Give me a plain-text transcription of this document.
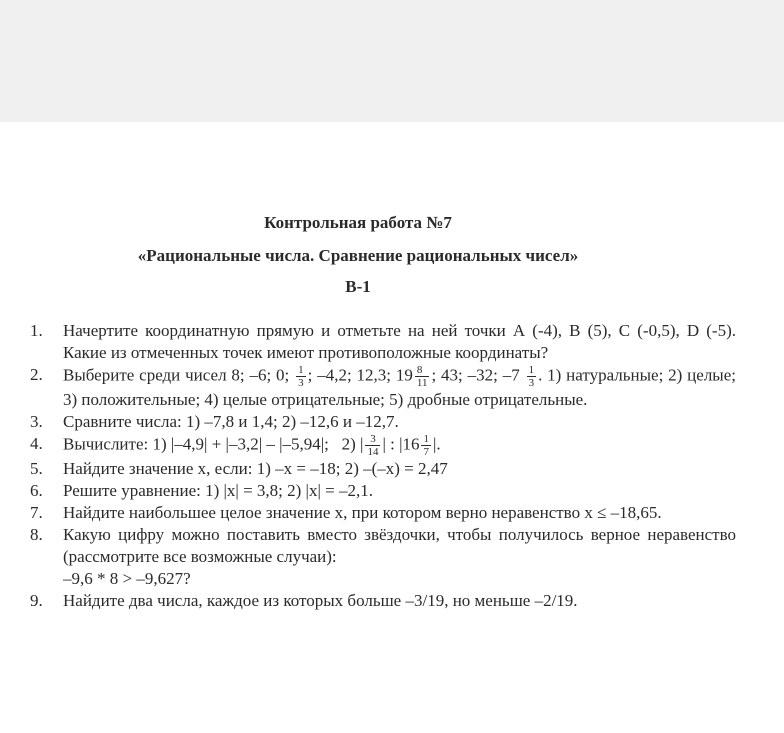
Контрольная работа №7
«Рациональные числа. Сравнение рациональных чисел»
В-1
1.	Начертите координатную прямую и отметьте на ней точки А (-4), В (5), С (-0,5), D (-5). Какие из отмеченных точек имеют противоположные координаты?
2.	Выберите среди чисел 8; –6; 0; $\frac{1}{3}$ ; –4,2; 12,3; $19 \frac{8}{11}$ ; 43; –32; $-7 \frac{1}{3}$ . 1) натуральные; 2) целые; 3) положительные; 4) целые отрицательные; 5) дробные отрицательные.
3.	Сравните числа: 1) –7,8 и 1,4; 2) –12,6 и –12,7.
4.	Вычислите: 1) |–4,9| + |–3,2| – |–5,94|;   2) | $\frac{3}{14}$ | : $|16 \frac{1}{7}$ |.
5.	Найдите значение x, если: 1) –x = –18; 2) –(–x) = 2,47
6.	Решите уравнение: 1) |x| = 3,8; 2) |x| = –2,1.
7.	Найдите наибольшее целое значение x, при котором верно неравенство x ≤ –18,65.
8.	Какую цифру можно поставить вместо звёздочки, чтобы получилось верное неравенство (рассмотрите все возможные случаи):
–9,6 * 8 > –9,627?
9.	Найдите два числа, каждое из которых больше –3/19, но меньше –2/19.
